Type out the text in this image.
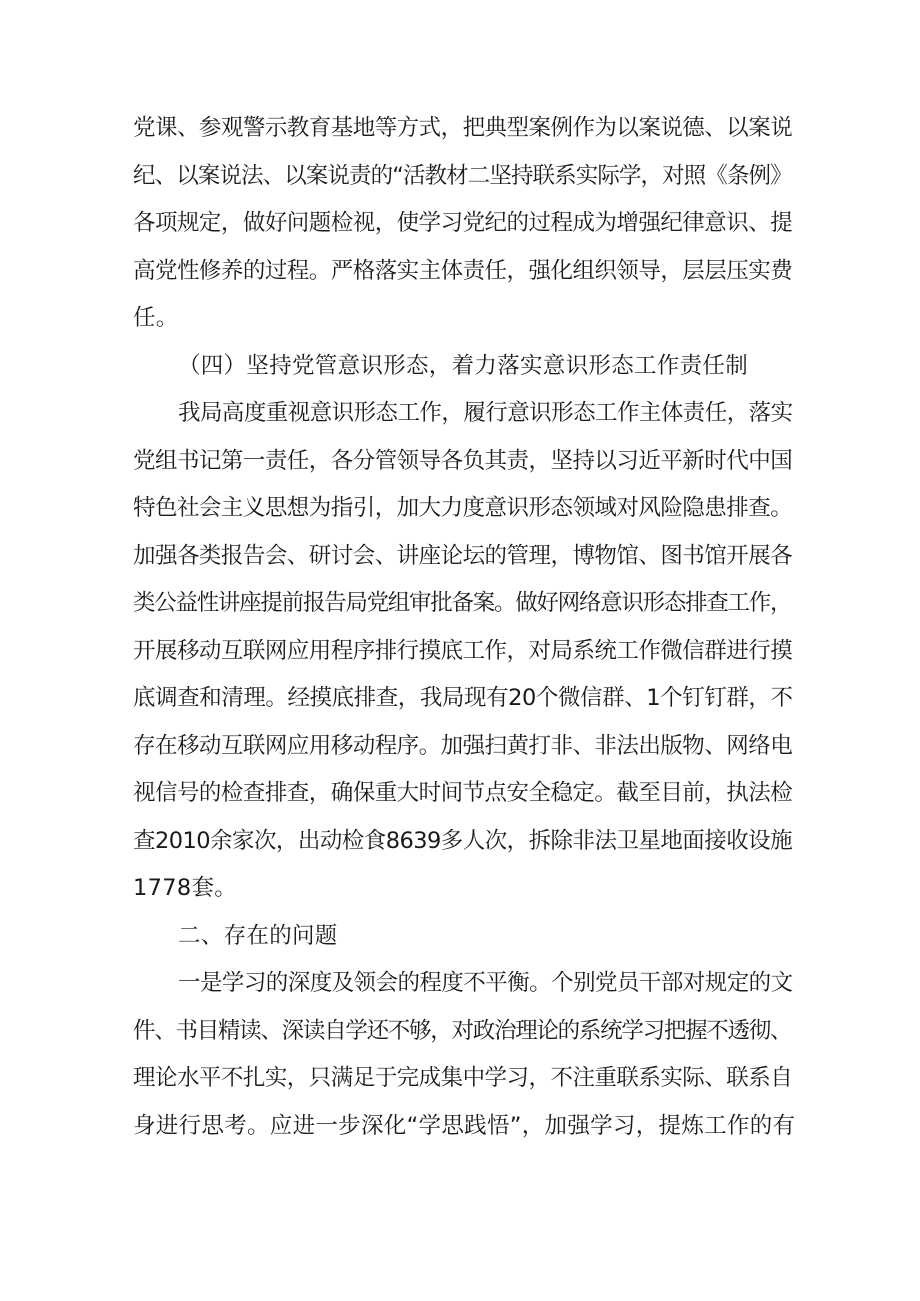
党课、参观警示教育基地等方式，把典型案例作为以案说德、以案说
纪、以案说法、以案说责的“活教材二坚持联系实际学，对照《条例》
各项规定，做好问题检视，使学习党纪的过程成为增强纪律意识、提
高党性修养的过程。严格落实主体责任，强化组织领导，层层压实费
任。

（四）坚持党管意识形态，着力落实意识形态工作责任制

我局高度重视意识形态工作，履行意识形态工作主体责任，落实
党组书记第一责任，各分管领导各负其责，坚持以习近平新时代中国
特色社会主义思想为指引，加大力度意识形态领域对风险隐患排查。
加强各类报告会、研讨会、讲座论坛的管理，博物馆、图书馆开展各
类公益性讲座提前报告局党组审批备案。做好网络意识形态排查工作，
开展移动互联网应用程序排行摸底工作，对局系统工作微信群进行摸
底调查和清理。经摸底排查，我局现有20个微信群、1个钉钉群，不
存在移动互联网应用移动程序。加强扫黄打非、非法出版物、网络电
视信号的检查排查，确保重大时间节点安全稳定。截至目前，执法检
查2010余家次，出动检食8639多人次，拆除非法卫星地面接收设施
1778套。

二、存在的问题

一是学习的深度及领会的程度不平衡。个别党员干部对规定的文
件、书目精读、深读自学还不够，对政治理论的系统学习把握不透彻、
理论水平不扎实，只满足于完成集中学习，不注重联系实际、联系自
身进行思考。应进一步深化“学思践悟”，加强学习，提炼工作的有
